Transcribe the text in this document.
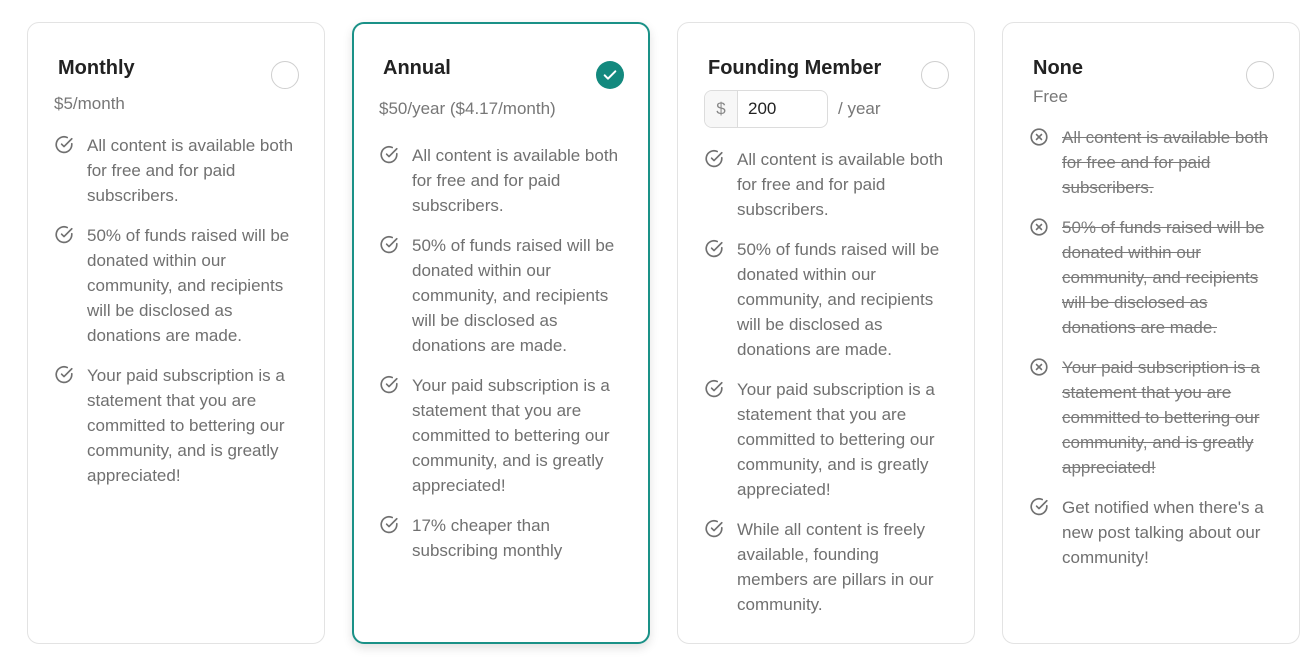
Monthly
$5/month
All content is available both for free and for paid subscribers.
50% of funds raised will be donated within our community, and recipients will be disclosed as donations are made.
Your paid subscription is a statement that you are committed to bettering our community, and is greatly appreciated!
Annual
$50/year ($4.17/month)
All content is available both for free and for paid subscribers.
50% of funds raised will be donated within our community, and recipients will be disclosed as donations are made.
Your paid subscription is a statement that you are committed to bettering our community, and is greatly appreciated!
17% cheaper than subscribing monthly
Founding Member
$	200	/ year
All content is available both for free and for paid subscribers.
50% of funds raised will be donated within our community, and recipients will be disclosed as donations are made.
Your paid subscription is a statement that you are committed to bettering our community, and is greatly appreciated!
While all content is freely available, founding members are pillars in our community.
None
Free
All content is available both for free and for paid subscribers.
50% of funds raised will be donated within our community, and recipients will be disclosed as donations are made.
Your paid subscription is a statement that you are committed to bettering our community, and is greatly appreciated!
Get notified when there's a new post talking about our community!
